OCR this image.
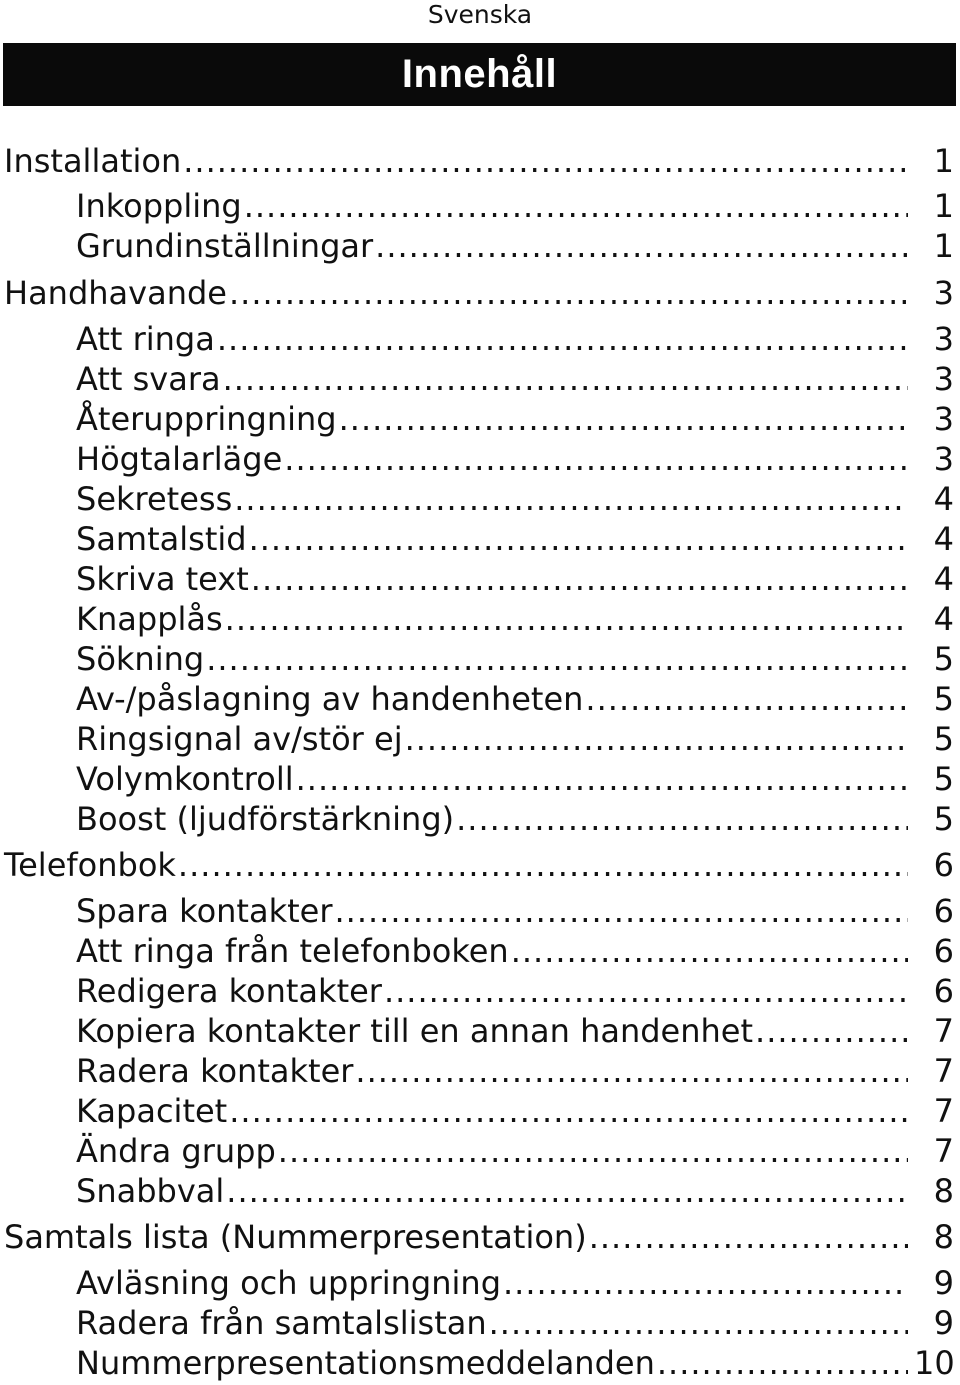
Svenska
Innehåll
Installation .....	1
Inkoppling .....	1
Grundinställningar .....	1
Handhavande .....	3
Att ringa .....	3
Att svara .....	3
Återuppringning .....	3
Högtalarläge .....	3
Sekretess .....	4
Samtalstid .....	4
Skriva text .....	4
Knapplås .....	4
Sökning .....	5
Av-/påslagning av handenheten .....	5
Ringsignal av/stör ej .....	5
Volymkontroll .....	5
Boost (ljudförstärkning) .....	5
Telefonbok .....	6
Spara kontakter .....	6
Att ringa från telefonboken .....	6
Redigera kontakter .....	6
Kopiera kontakter till en annan handenhet .....	7
Radera kontakter .....	7
Kapacitet .....	7
Ändra grupp .....	7
Snabbval .....	8
Samtals lista (Nummerpresentation) .....	8
Avläsning och uppringning .....	9
Radera från samtalslistan .....	9
Nummerpresentationsmeddelanden .....	10
